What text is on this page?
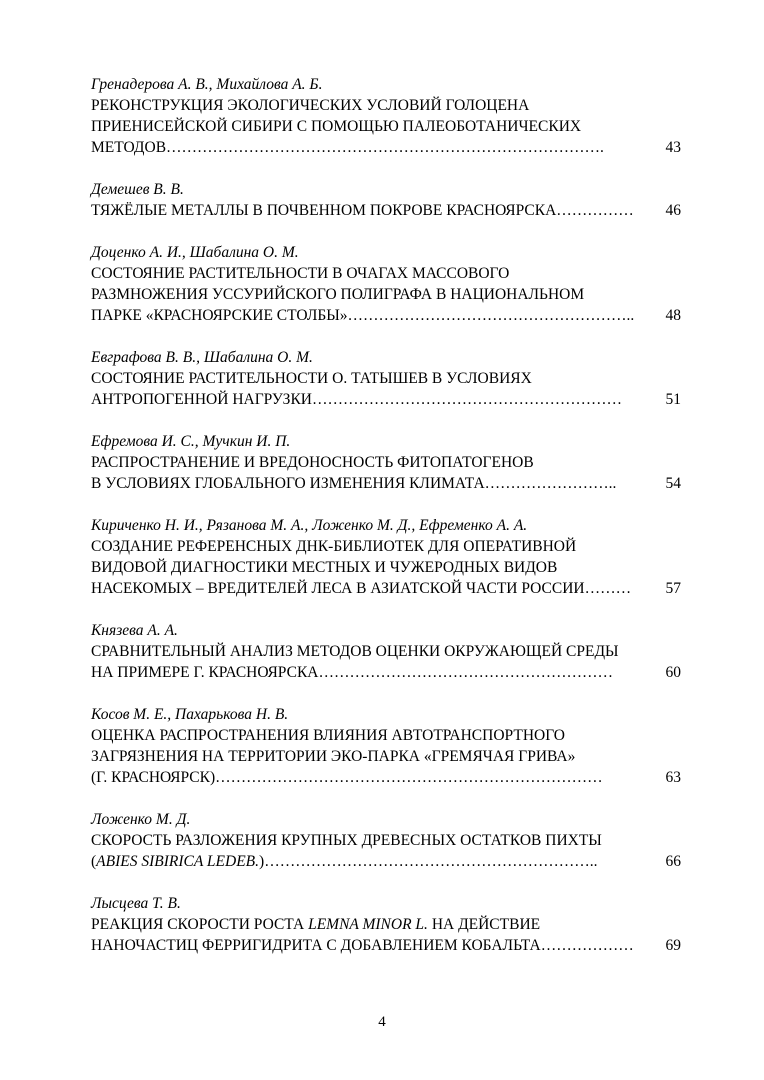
Гренадерова А. В., Михайлова А. Б.
РЕКОНСТРУКЦИЯ ЭКОЛОГИЧЕСКИХ УСЛОВИЙ ГОЛОЦЕНА
ПРИЕНИСЕЙСКОЙ СИБИРИ С ПОМОЩЬЮ ПАЛЕОБОТАНИЧЕСКИХ
МЕТОДОВ………………………………………………………………………….	43
Демешев В. В.
ТЯЖЁЛЫЕ МЕТАЛЛЫ В ПОЧВЕННОМ ПОКРОВЕ КРАСНОЯРСКА……………	46
Доценко А. И., Шабалина О. М.
СОСТОЯНИЕ РАСТИТЕЛЬНОСТИ В ОЧАГАХ МАССОВОГО
РАЗМНОЖЕНИЯ УССУРИЙСКОГО ПОЛИГРАФА В НАЦИОНАЛЬНОМ
ПАРКЕ «КРАСНОЯРСКИЕ СТОЛБЫ»………………………………………………..	48
Евграфова В. В., Шабалина О. М.
СОСТОЯНИЕ РАСТИТЕЛЬНОСТИ О. ТАТЫШЕВ В УСЛОВИЯХ
АНТРОПОГЕННОЙ НАГРУЗКИ……………………………………………………	51
Ефремова И. С., Мучкин И. П.
РАСПРОСТРАНЕНИЕ И ВРЕДОНОСНОСТЬ ФИТОПАТОГЕНОВ
В УСЛОВИЯХ ГЛОБАЛЬНОГО ИЗМЕНЕНИЯ КЛИМАТА……………………..	54
Кириченко Н. И., Рязанова М. А., Ложенко М. Д., Ефременко А. А.
СОЗДАНИЕ РЕФЕРЕНСНЫХ ДНК-БИБЛИОТЕК ДЛЯ ОПЕРАТИВНОЙ
ВИДОВОЙ ДИАГНОСТИКИ МЕСТНЫХ И ЧУЖЕРОДНЫХ ВИДОВ
НАСЕКОМЫХ – ВРЕДИТЕЛЕЙ ЛЕСА В АЗИАТСКОЙ ЧАСТИ РОССИИ………	57
Князева А. А.
СРАВНИТЕЛЬНЫЙ АНАЛИЗ МЕТОДОВ ОЦЕНКИ ОКРУЖАЮЩЕЙ СРЕДЫ
НА ПРИМЕРЕ Г. КРАСНОЯРСКА…………………………………………………	60
Косов М. Е., Пахарькова Н. В.
ОЦЕНКА РАСПРОСТРАНЕНИЯ ВЛИЯНИЯ АВТОТРАНСПОРТНОГО
ЗАГРЯЗНЕНИЯ НА ТЕРРИТОРИИ ЭКО-ПАРКА «ГРЕМЯЧАЯ ГРИВА»
(Г. КРАСНОЯРСК)…………………………………………………………………	63
Ложенко М. Д.
СКОРОСТЬ РАЗЛОЖЕНИЯ КРУПНЫХ ДРЕВЕСНЫХ ОСТАТКОВ ПИХТЫ
(ABIES SIBIRICA LEDEB.)………………………………………………………..	66
Лысцева Т. В.
РЕАКЦИЯ СКОРОСТИ РОСТА LEMNA MINOR L. НА ДЕЙСТВИЕ
НАНОЧАСТИЦ ФЕРРИГИДРИТА С ДОБАВЛЕНИЕМ КОБАЛЬТА………………	69
4
